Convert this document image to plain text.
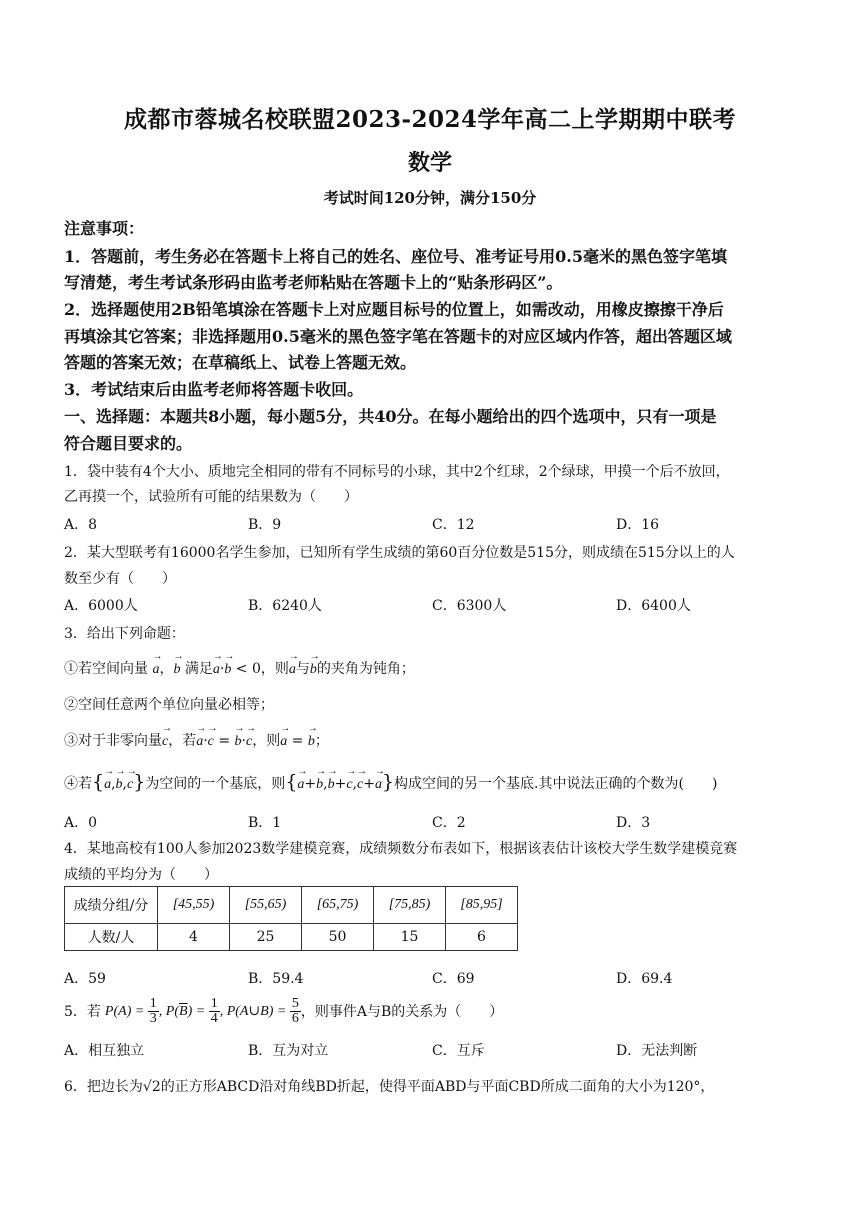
成都市蓉城名校联盟2023-2024学年高二上学期期中联考
数学
考试时间120分钟，满分150分
注意事项：
1．答题前，考生务必在答题卡上将自己的姓名、座位号、准考证号用0.5毫米的黑色签字笔填
写清楚，考生考试条形码由监考老师粘贴在答题卡上的“贴条形码区”。
2．选择题使用2B铅笔填涂在答题卡上对应题目标号的位置上，如需改动，用橡皮擦擦干净后
再填涂其它答案；非选择题用0.5毫米的黑色签字笔在答题卡的对应区域内作答，超出答题区域
答题的答案无效；在草稿纸上、试卷上答题无效。
3．考试结束后由监考老师将答题卡收回。
一、选择题：本题共8小题，每小题5分，共40分。在每小题给出的四个选项中，只有一项是
符合题目要求的。
1．袋中装有4个大小、质地完全相同的带有不同标号的小球，其中2个红球，2个绿球，甲摸一个后不放回，
乙再摸一个，试验所有可能的结果数为（　　）
A．8	B．9	C．12	D．16
2．某大型联考有16000名学生参加，已知所有学生成绩的第60百分位数是515分，则成绩在515分以上的人
数至少有（　　）
A．6000人	B．6240人	C．6300人	D．6400人
3．给出下列命题：
①若空间向量 → a，→ b 满足→ a·→ b < 0，则→ a与→ b的夹角为钝角；
②空间任意两个单位向量必相等；
③对于非零向量→ c，若→ a·→ c = → b·→ c，则→ a = → b；
④若{→ a,→ b,→ c}为空间的一个基底，则{→ a+→ b,→ b+→ c,→ c+→ a}构成空间的另一个基底.其中说法正确的个数为(　　)
A．0	B．1	C．2	D．3
4．某地高校有100人参加2023数学建模竞赛，成绩频数分布表如下，根据该表估计该校大学生数学建模竞赛
成绩的平均分为（　　）
成绩分组/分	[45,55)	[55,65)	[65,75)	[75,85)	[85,95]
人数/人	4	25	50	15	6
A．59	B．59.4	C．69	D．69.4
5．若 $P(A) = \frac{1}{3}$ , $P(\overline{B}) = \frac{1}{4}$ , P(A∪B) = $\frac{5}{6}$ ，则事件A与B的关系为（　　）
A．相互独立	B．互为对立	C．互斥	D．无法判断
6．把边长为√2的正方形ABCD沿对角线BD折起，使得平面ABD与平面CBD所成二面角的大小为120°，
